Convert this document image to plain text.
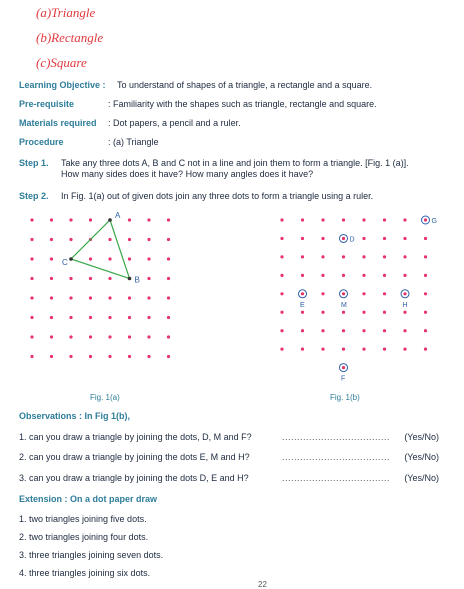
(a)Triangle
(b)Rectangle
(c)Square
Learning Objective : To understand of shapes of a triangle, a rectangle and a square.
Pre-requisite	: Familiarity with the shapes such as triangle, rectangle and square.
Materials required : Dot papers, a pencil and a ruler.
Procedure	: (a) Triangle
Step 1. Take any three dots A, B and C not in a line and join them to form a triangle. [Fig. 1 (a)].
How many sides does it have? How many angles does it have?
Step 2. In Fig. 1(a) out of given dots join any three dots to form a triangle using a ruler.
A
B
C
Fig. 1(a)
G
D
E	M	H
F
Fig. 1(b)
Observations : In Fig 1(b),
1. can you draw a triangle by joining the dots, D, M and F?	.................................... (Yes/No)
2. can you draw a triangle by joining the dots E, M and H?	.................................... (Yes/No)
3. can you draw a triangle by joining the dots D, E and H?	.................................... (Yes/No)
Extension : On a dot paper draw
1. two triangles joining five dots.
2. two triangles joining four dots.
3. three triangles joining seven dots.
4. three triangles joining six dots.
22
